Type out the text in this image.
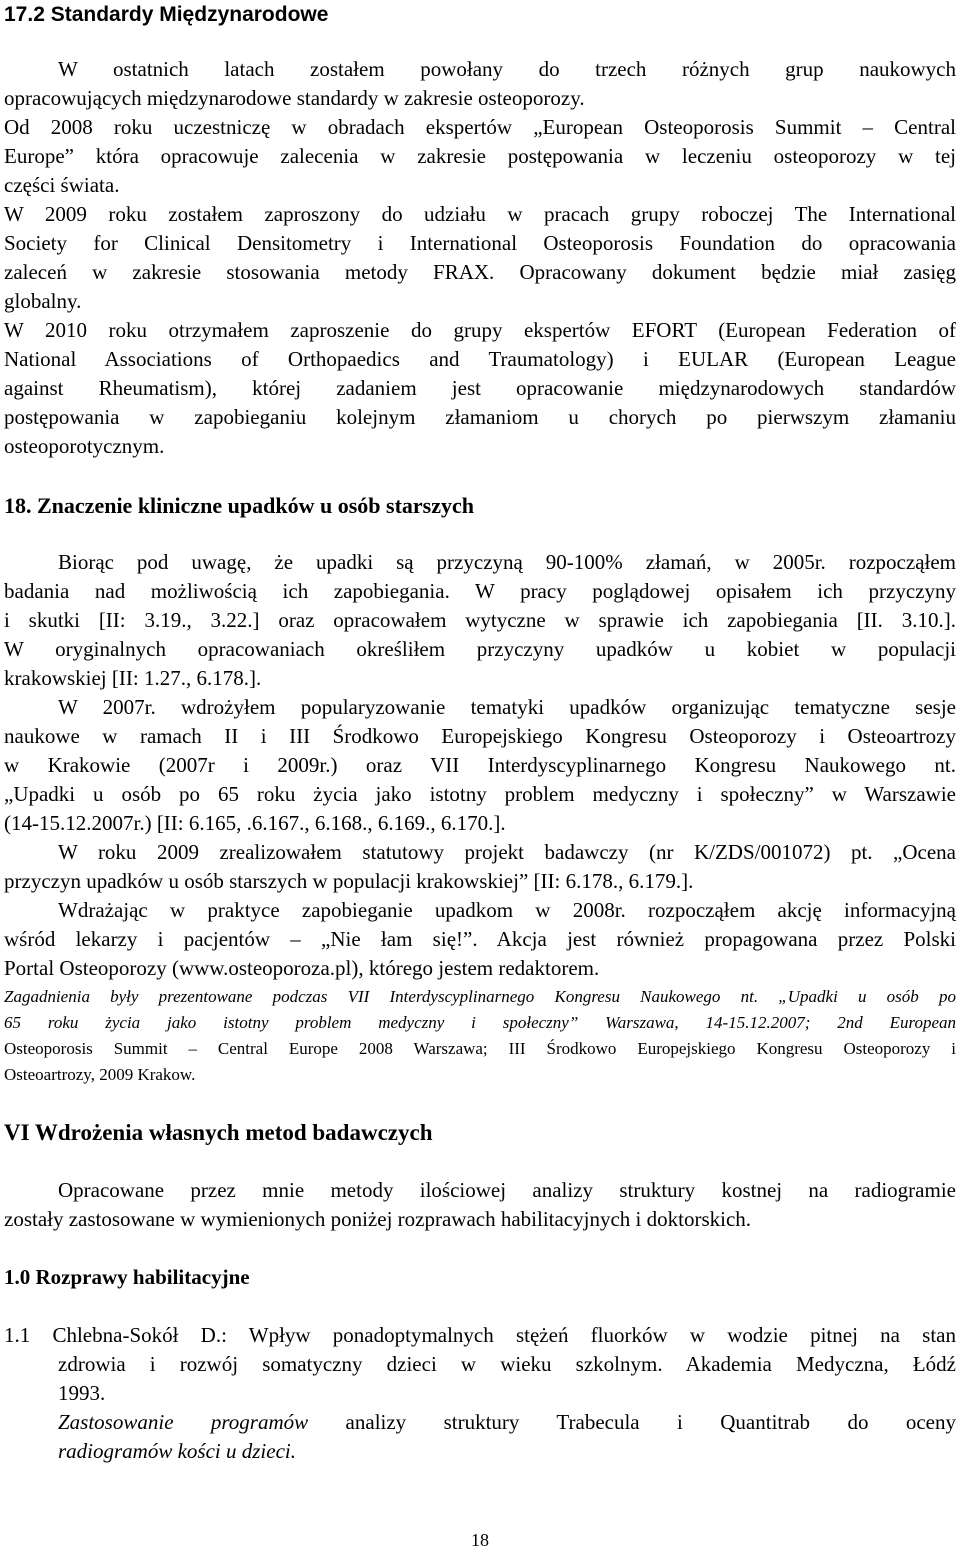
17.2 Standardy Międzynarodowe
W ostatnich latach zostałem powołany do trzech różnych grup naukowych
opracowujących międzynarodowe standardy w zakresie osteoporozy.
Od 2008 roku uczestniczę w obradach ekspertów „European Osteoporosis Summit – Central
Europe” która opracowuje zalecenia w zakresie postępowania w leczeniu osteoporozy w tej
części świata.
W 2009 roku zostałem zaproszony do udziału w pracach grupy roboczej The International
Society for Clinical Densitometry i International Osteoporosis Foundation do opracowania
zaleceń w zakresie stosowania metody FRAX. Opracowany dokument będzie miał zasięg
globalny.
W 2010 roku otrzymałem zaproszenie do grupy ekspertów EFORT (European Federation of
National Associations of Orthopaedics and Traumatology) i EULAR (European League
against Rheumatism), której zadaniem jest opracowanie międzynarodowych standardów
postępowania w zapobieganiu kolejnym złamaniom u chorych po pierwszym złamaniu
osteoporotycznym.
18. Znaczenie kliniczne upadków u osób starszych
Biorąc pod uwagę, że upadki są przyczyną 90-100% złamań, w 2005r. rozpocząłem
badania nad możliwością ich zapobiegania. W pracy poglądowej opisałem ich przyczyny
i skutki [II: 3.19., 3.22.] oraz opracowałem wytyczne w sprawie ich zapobiegania [II. 3.10.].
W oryginalnych opracowaniach określiłem przyczyny upadków u kobiet w populacji
krakowskiej [II: 1.27., 6.178.].
W 2007r. wdrożyłem popularyzowanie tematyki upadków organizując tematyczne sesje
naukowe w ramach II i III Środkowo Europejskiego Kongresu Osteoporozy i Osteoartrozy
w Krakowie (2007r i 2009r.) oraz VII Interdyscyplinarnego Kongresu Naukowego nt.
„Upadki u osób po 65 roku życia jako istotny problem medyczny i społeczny” w Warszawie
(14-15.12.2007r.) [II: 6.165, .6.167., 6.168., 6.169., 6.170.].
W roku 2009 zrealizowałem statutowy projekt badawczy (nr K/ZDS/001072) pt. „Ocena
przyczyn upadków u osób starszych w populacji krakowskiej” [II: 6.178., 6.179.].
Wdrażając w praktyce zapobieganie upadkom w 2008r. rozpocząłem akcję informacyjną
wśród lekarzy i pacjentów – „Nie łam się!”. Akcja jest również propagowana przez Polski
Portal Osteoporozy (www.osteoporoza.pl), którego jestem redaktorem.
Zagadnienia były prezentowane podczas VII Interdyscyplinarnego Kongresu Naukowego nt. „Upadki u osób po
65 roku życia jako istotny problem medyczny i społeczny” Warszawa, 14-15.12.2007; 2nd European
Osteoporosis Summit – Central Europe 2008 Warszawa; III Środkowo Europejskiego Kongresu Osteoporozy i
Osteoartrozy, 2009 Krakow.
VI Wdrożenia własnych metod badawczych
Opracowane przez mnie metody ilościowej analizy struktury kostnej na radiogramie
zostały zastosowane w wymienionych poniżej rozprawach habilitacyjnych i doktorskich.
1.0 Rozprawy habilitacyjne
1.1 Chlebna-Sokół D.: Wpływ ponadoptymalnych stężeń fluorków w wodzie pitnej na stan
zdrowia i rozwój somatyczny dzieci w wieku szkolnym. Akademia Medyczna, Łódź
1993.
Zastosowanie programów analizy struktury Trabecula i Quantitrab do oceny
radiogramów kości u dzieci.
18
